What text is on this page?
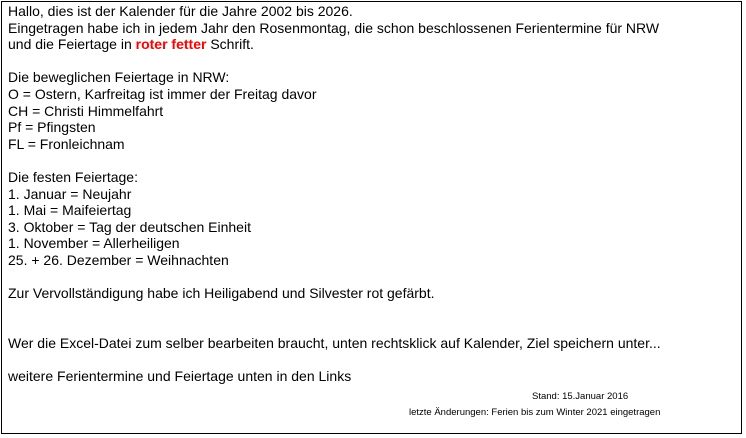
Hallo, dies ist der Kalender für die Jahre 2002 bis 2026.
Eingetragen habe ich in jedem Jahr den Rosenmontag, die schon beschlossenen Ferientermine für NRW
und die Feiertage in roter fetter Schrift.
Die beweglichen Feiertage in NRW:
O = Ostern, Karfreitag ist immer der Freitag davor
CH = Christi Himmelfahrt
Pf = Pfingsten
FL = Fronleichnam
Die festen Feiertage:
1. Januar = Neujahr
1. Mai = Maifeiertag
3. Oktober = Tag der deutschen Einheit
1. November = Allerheiligen
25. + 26. Dezember = Weihnachten
Zur Vervollständigung habe ich Heiligabend und Silvester rot gefärbt.
Wer die Excel-Datei zum selber bearbeiten braucht, unten rechtsklick auf Kalender, Ziel speichern unter...
weitere Ferientermine und Feiertage unten in den Links
Stand: 15.Januar 2016
letzte Änderungen: Ferien bis zum Winter 2021 eingetragen
